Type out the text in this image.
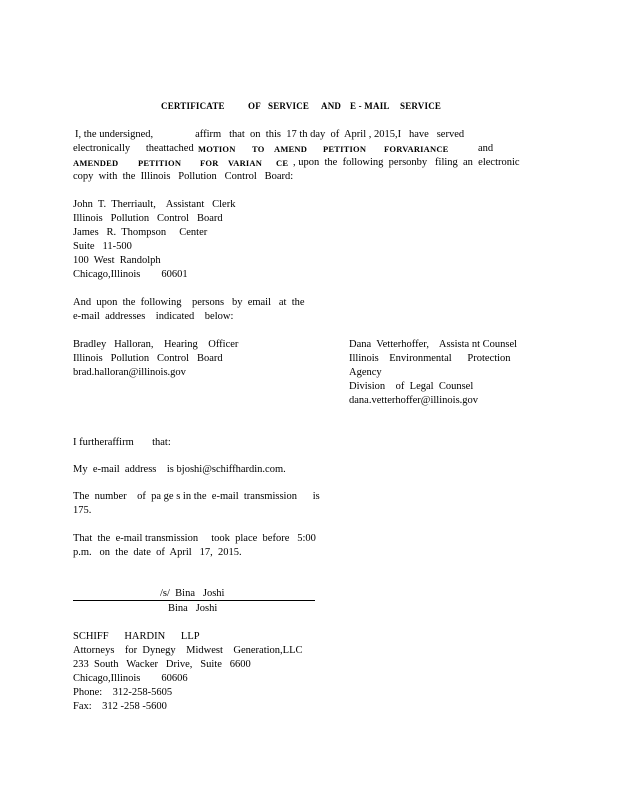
CERTIFICATE	OF SERVICE AND E - MAIL SERVICE
I, the undersigned,                affirm   that  on  this  17 th day  of  April , 2015,I   have   served
electronically      theattached MOTION TO AMEND PETITION FORVARIANCE	and
AMENDED PETITION FOR VARIAN CE , upon  the  following  personby   filing  an  electronic
copy  with  the  Illinois   Pollution   Control   Board:
John  T.  Therriault,    Assistant   Clerk
Illinois   Pollution   Control   Board
James   R.  Thompson     Center
Suite   11-500
100  West  Randolph
Chicago,Illinois        60601
And  upon  the  following    persons   by  email   at  the
e-mail  addresses    indicated    below:
Bradley   Halloran,    Hearing    Officer
Illinois   Pollution   Control   Board
brad.halloran@illinois.gov
Dana  Vetterhoffer,    Assista nt Counsel
Illinois    Environmental      Protection
Agency
Division    of  Legal  Counsel
dana.vetterhoffer@illinois.gov
I furtheraffirm       that:
My  e-mail  address    is bjoshi@schiffhardin.com.
The  number    of  pa ge s in the  e-mail  transmission      is
175.
That  the  e-mail transmission     took  place  before   5:00
p.m.   on  the  date  of  April   17,  2015.
/s/  Bina   Joshi
Bina   Joshi
SCHIFF      HARDIN      LLP
Attorneys    for  Dynegy    Midwest    Generation,LLC
233  South   Wacker   Drive,   Suite   6600
Chicago,Illinois        60606
Phone:    312-258-5605
Fax:    312 -258 -5600
